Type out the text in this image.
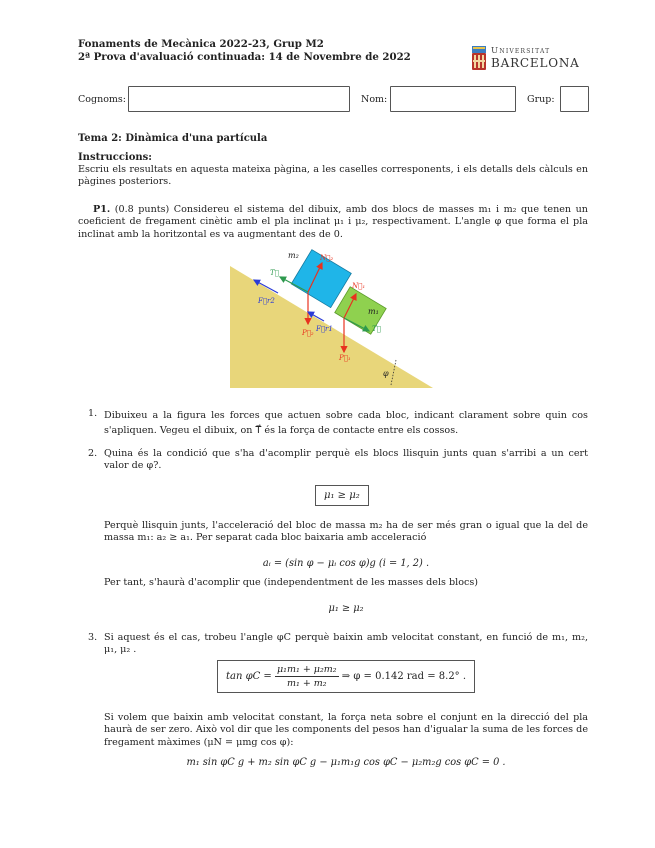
Fonaments de Mecànica 2022-23, Grup M2
2ª Prova d'avaluació continuada: 14 de Novembre de 2022	Universitat
BARCELONA
Cognoms:	Nom:	Grup:
Tema 2: Dinàmica d'una partícula
Instruccions:
Escriu els resultats en aquesta mateixa pàgina, a les caselles corresponents, i els detalls dels càlculs en pàgines posteriors.
P1. (0.8 punts) Considereu el sistema del dibuix, amb dos blocs de masses m₁ i m₂ que tenen un coeficient de fregament cinètic amb el pla inclinat μ₁ i μ₂, respectivament. L'angle φ que forma el pla inclinat amb la horitzontal es va augmentant des de 0.
m₂
m₁
N⃗₂
N⃗₁
P⃗₂
P⃗₁
F⃗r2
F⃗r1
T⃗
T⃗
φ
1. Dibuixeu a la figura les forces que actuen sobre cada bloc, indicant clarament sobre quin cos s'apliquen. Vegeu el dibuix, on T⃗ és la força de contacte entre els cossos.
2. Quina és la condició que s'ha d'acomplir perquè els blocs llisquin junts quan s'arribi a un cert valor de φ?.
μ₁ ≥ μ₂
Perquè llisquin junts, l'acceleració del bloc de massa m₂ ha de ser més gran o igual que la del de massa m₁: a₂ ≥ a₁. Per separat cada bloc baixaria amb acceleració
aᵢ = (sin φ − μᵢ cos φ)g (i = 1, 2) .
Per tant, s'haurà d'acomplir que (independentment de les masses dels blocs)
μ₁ ≥ μ₂
3. Si aquest és el cas, trobeu l'angle φC perquè baixin amb velocitat constant, en funció de m₁, m₂, μ₁, μ₂ .
$\tan \varphi C = \frac{\text{μ₁m₁ + μ₂m₂}}{\text{m₁ + m₂}}$ ⇒ φ = 0.142 rad = 8.2° .
Si volem que baixin amb velocitat constant, la força neta sobre el conjunt en la direcció del pla haurà de ser zero. Això vol dir que les components del pesos han d'igualar la suma de les forces de fregament màximes (μN = μmg cos φ):
m₁ sin φC g + m₂ sin φC g − μ₁m₁g cos φC − μ₂m₂g cos φC = 0 .
